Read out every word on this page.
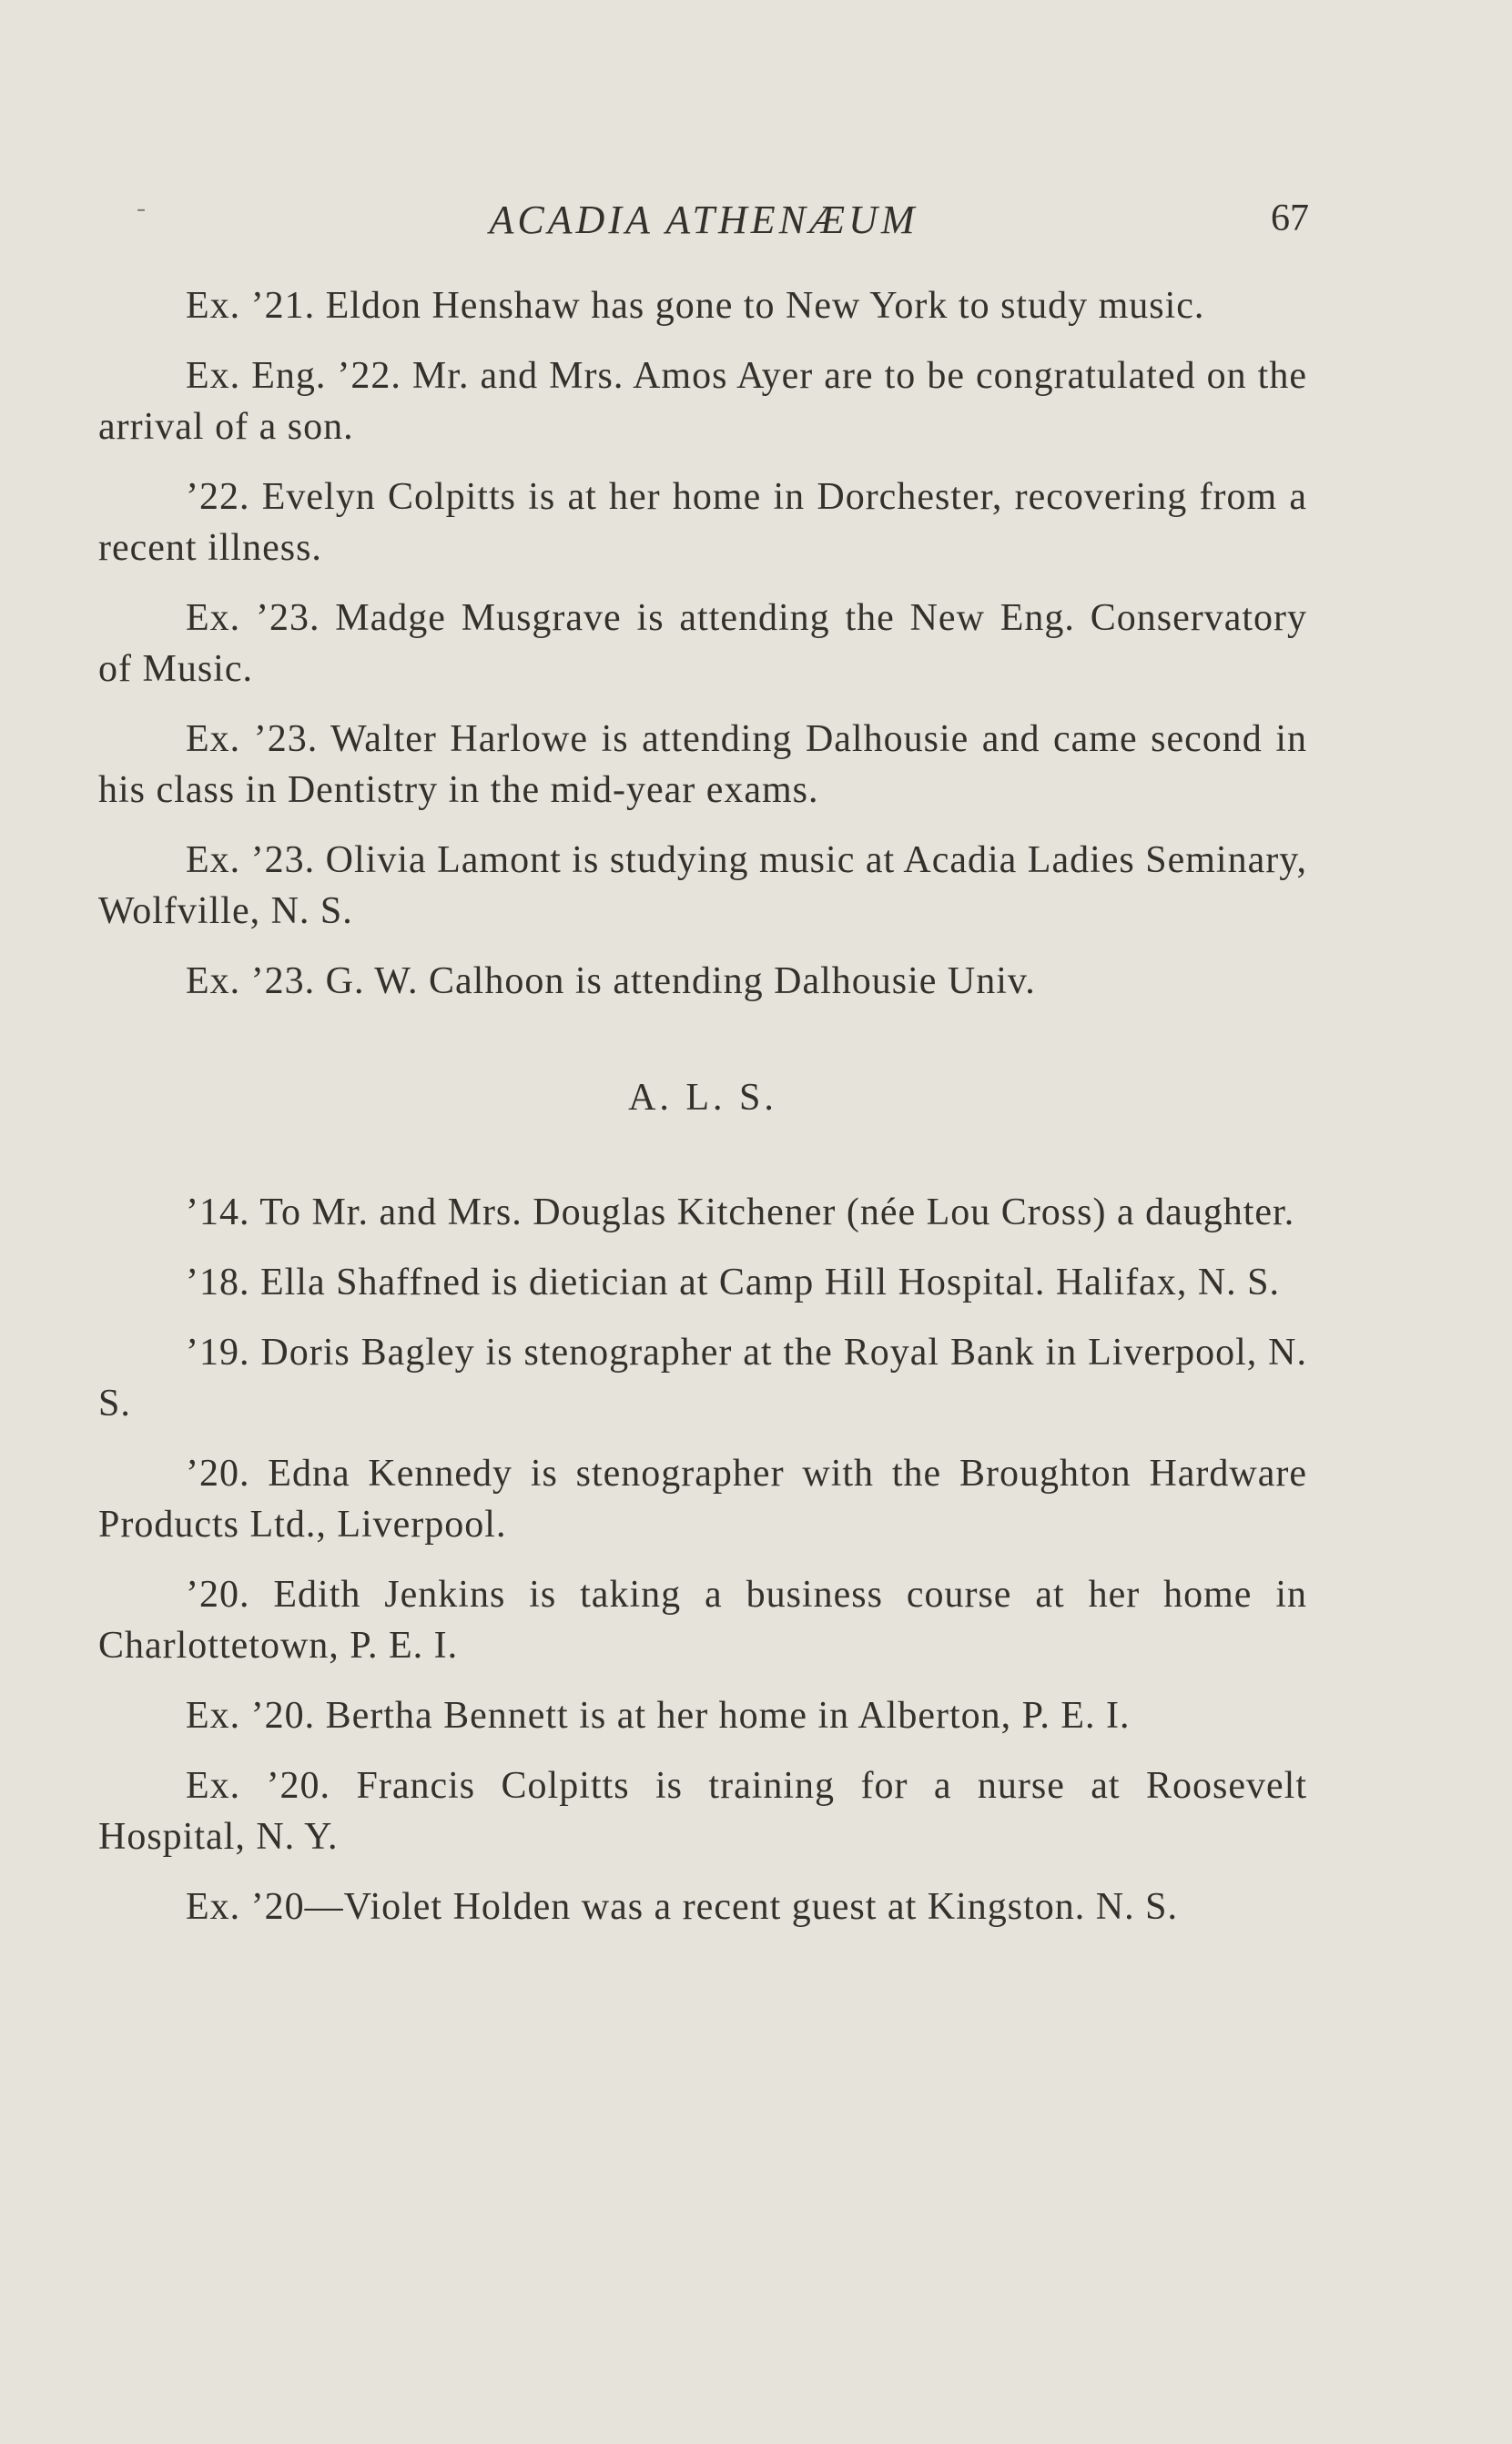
-	ACADIA ATHENÆUM	67

Ex. ’21. Eldon Henshaw has gone to New York to study music.

Ex. Eng. ’22. Mr. and Mrs. Amos Ayer are to be congratulated on the arrival of a son.

’22. Evelyn Colpitts is at her home in Dorchester, recovering from a recent illness.

Ex. ’23. Madge Musgrave is attending the New Eng. Conservatory of Music.

Ex. ’23. Walter Harlowe is attending Dalhousie and came second in his class in Dentistry in the mid-year exams.

Ex. ’23. Olivia Lamont is studying music at Acadia Ladies Seminary, Wolfville, N. S.

Ex. ’23. G. W. Calhoon is attending Dalhousie Univ.

A. L. S.

’14. To Mr. and Mrs. Douglas Kitchener (née Lou Cross) a daughter.

’18. Ella Shaffned is dietician at Camp Hill Hospital. Halifax, N. S.

’19. Doris Bagley is stenographer at the Royal Bank in Liverpool, N. S.

’20. Edna Kennedy is stenographer with the Broughton Hardware Products Ltd., Liverpool.

’20. Edith Jenkins is taking a business course at her home in Charlottetown, P. E. I.

Ex. ’20. Bertha Bennett is at her home in Alberton, P. E. I.

Ex. ’20. Francis Colpitts is training for a nurse at Roosevelt Hospital, N. Y.

Ex. ’20—Violet Holden was a recent guest at Kingston. N. S.
